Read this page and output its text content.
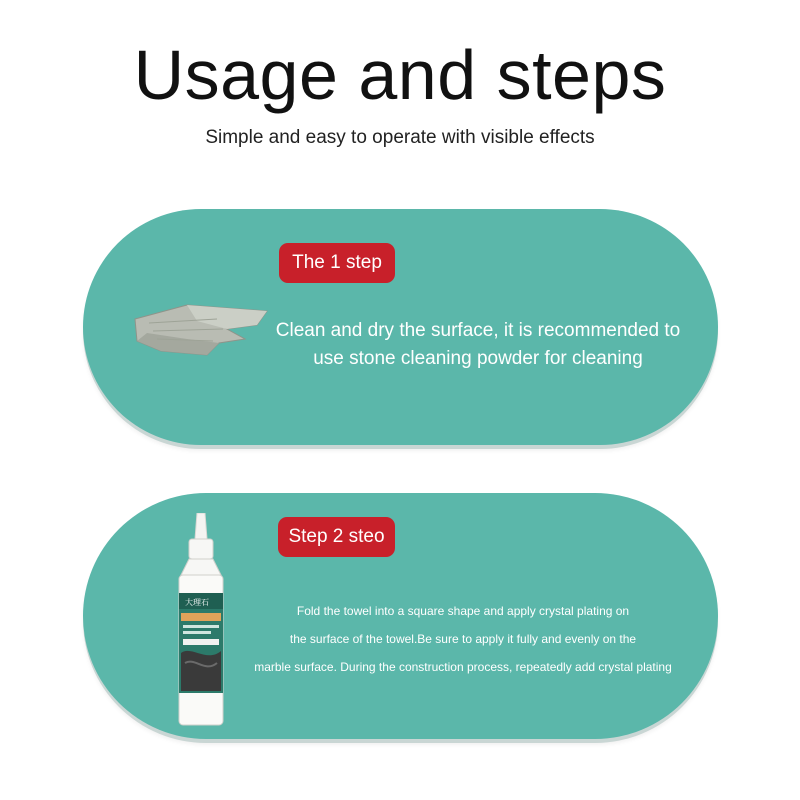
Usage and steps
Simple and easy to operate with visible effects
The 1 step
Clean and dry the surface, it is recommended to use stone cleaning powder for cleaning
大理石
Step 2 steo
Fold the towel into a square shape and apply crystal plating on
the surface of the towel.Be sure to apply it fully and evenly on the
marble surface. During the construction process, repeatedly add crystal plating
